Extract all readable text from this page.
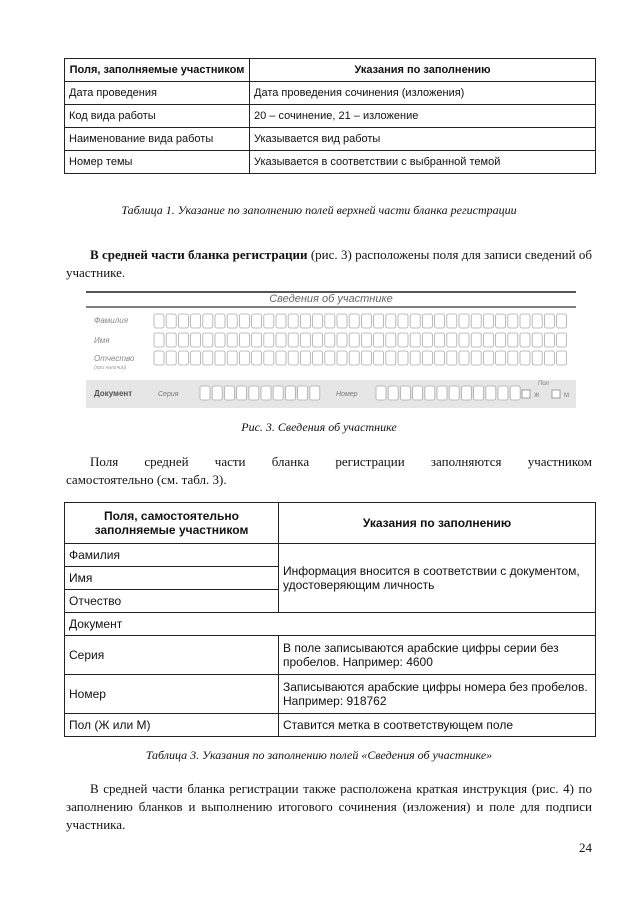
Поля, заполняемые участником	Указания по заполнению
Дата проведения	Дата проведения сочинения (изложения)
Код вида работы	20 – сочинение, 21 – изложение
Наименование вида работы	Указывается вид работы
Номер темы	Указывается в соответствии с выбранной темой
Таблица 1. Указание по заполнению полей верхней части бланка регистрации
В средней части бланка регистрации (рис. 3) расположены поля для записи сведений об участнике.
Сведения об участнике
Фамилия
Имя
Отчество
(при наличии)
Документ	Серия	Номер
Пол
Ж	М
Рис. 3. Сведения об участнике
Поля средней части бланка регистрации заполняются участником
самостоятельно (см. табл. 3).
Поля, самостоятельно заполняемые участником	Указания по заполнению
Фамилия	Информация вносится в соответствии с документом, удостоверяющим личность
Имя	
Отчество	
Документ	
Серия	В поле записываются арабские цифры серии без пробелов. Например: 4600
Номер	Записываются арабские цифры номера без пробелов. Например: 918762
Пол (Ж или М)	Ставится метка в соответствующем поле
Таблица 3. Указания по заполнению полей «Сведения об участнике»
В средней части бланка регистрации также расположена краткая инструкция (рис. 4) по заполнению бланков и выполнению итогового сочинения (изложения) и поле для подписи участника.
24
